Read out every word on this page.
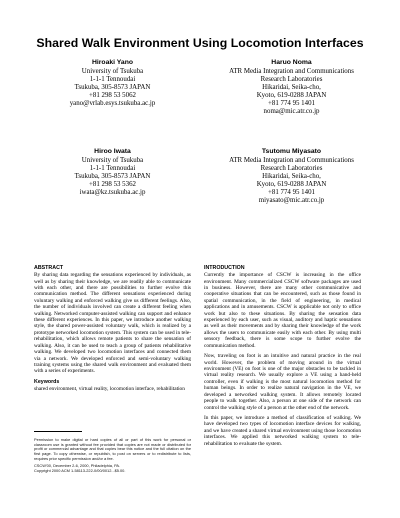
Shared Walk Environment Using Locomotion Interfaces
Hiroaki Yano
University of Tsukuba
1-1-1 Tennoudai
Tsukuba, 305-8573 JAPAN
+81 298 53 5062
yano@vrlab.esys.tsukuba.ac.jp
Haruo Noma
ATR Media Integration and Communications
Research Laboratories
Hikaridai, Seika-cho,
Kyoto, 619-0288 JAPAN
+81 774 95 1401
noma@mic.atr.co.jp
Hiroo Iwata
University of Tsukuba
1-1-1 Tennoudai
Tsukuba, 305-8573 JAPAN
+81 298 53 5362
iwata@kz.tsukuba.ac.jp
Tsutomu Miyasato
ATR Media Integration and Communications
Research Laboratories
Hikaridai, Seika-cho,
Kyoto, 619-0288 JAPAN
+81 774 95 1401
miyasato@mic.atr.co.jp
ABSTRACT

By sharing data regarding the sensations experienced by individuals, as well as by sharing their knowledge, we are readily able to communicate with each other, and there are possibilities to further evolve this communication method. The different sensations experienced during voluntary walking and enforced walking give us different feelings. Also, the number of individuals involved can create a different feeling when walking. Networked computer-assisted walking can support and enhance these different experiences. In this paper, we introduce another walking style, the shared power-assisted voluntary walk, which is realized by a prototype networked locomotion system. This system can be used in tele-rehabilitation, which allows remote patients to share the sensation of walking. Also, it can be used to teach a group of patients rehabilitative walking. We developed two locomotion interfaces and connected them via a network. We developed enforced and semi-voluntary walking training systems using the shared walk environment and evaluated them with a series of experiments.

Keywords

shared environment, virtual reality, locomotion interface, rehabilitation

Permission to make digital or hard copies of all or part of this work for personal or classroom use is granted without fee provided that copies are not made or distributed for profit or commercial advantage and that copies bear this notice and the full citation on the first page. To copy otherwise, or republish, to post on servers or to redistribute to lists, requires prior specific permission and/or a fee.

CSCW'00, December 2-6, 2000, Philadelphia, PA.
Copyright 2000 ACM 1-58113-222-0/00/0012...$5.00.
INTRODUCTION

Currently the importance of CSCW is increasing in the office environment. Many commercialized CSCW software packages are used in business. However, there are many other communicative and cooperative situations that can be encountered, such as those found in spatial communication, in the field of engineering, in medical applications and in amusements. CSCW is applicable not only to office work but also to these situations. By sharing the sensation data experienced by each user, such as visual, auditory and haptic sensations as well as their movements and by sharing their knowledge of the work allows the users to communicate easily with each other. By using multi sensory feedback, there is some scope to further evolve the communication method.

Now, traveling on foot is an intuitive and natural practice in the real world. However, the problem of moving around in the virtual environment (VE) on foot is one of the major obstacles to be tackled in virtual reality research. We usually explore a VE using a hand-held controller, even if walking is the most natural locomotion method for human beings. In order to realize natural navigation in the VE, we developed a networked walking system. It allows remotely located people to walk together. Also, a person at one side of the network can control the walking style of a person at the other end of the network.

In this paper, we introduce a method of classification of walking. We have developed two types of locomotion interface devices for walking, and we have created a shared virtual environment using those locomotion interfaces. We applied this networked walking system to tele-rehabilitation to evaluate the system.
